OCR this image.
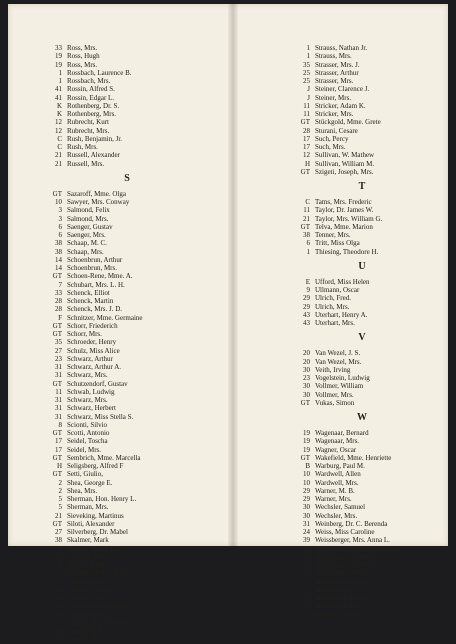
33 Ross, Mrs.
19 Ross, Hugh
19 Ross, Mrs.
1 Rossbach, Laurence B.
1 Rossbach, Mrs.
41 Rossin, Alfred S.
41 Rossin, Edgar L.
K Rothenberg, Dr. S.
K Rothenberg, Mrs.
12 Rubrecht, Kurt
12 Rubrecht, Mrs.
C Rush, Benjamin, Jr.
C Rush, Mrs.
21 Russell, Alexander
21 Russell, Mrs.
S
GT Sazaroff, Mme. Olga
10 Sawyer, Mrs. Conway
3 Salmond, Felix
3 Salmond, Mrs.
6 Saenger, Gustav
6 Saenger, Mrs.
38 Schaap, M. C.
38 Schaap, Mrs.
14 Schoenbrun, Arthur
14 Schoenbrun, Mrs.
GT Schoen-Rene, Mme. A.
7 Schubart, Mrs. L. H.
33 Schenck, Elliot
28 Schenck, Martin
28 Schenck, Mrs. J. D.
F Schnitzer, Mme. Germaine
GT Schorr, Friederich
GT Schorr, Mrs.
35 Schroeder, Henry
27 Schulz, Miss Alice
23 Schwarz, Arthur
31 Schwarz, Arthur A.
31 Schwarz, Mrs.
GT Schutzendorf, Gustav
11 Schwab, Ludwig
31 Schwarz, Mrs.
31 Schwarz, Herbert
31 Schwarz, Miss Stella S.
8 Scionti, Silvio
GT Scotti, Antonio
17 Seidel, Toscha
17 Seidel, Mrs.
GT Sembrich, Mme. Marcella
H Seligsberg, Alfred F
GT Setti, Giulio,
2 Shea, George E.
2 Shea, Mrs.
5 Sherman, Hon. Henry L.
5 Sherman, Mrs.
21 Sieveking, Martinus
GT Siloti, Alexander
27 Silverberg, Dr. Mabel
38 Skalmer, Mark
2 Sleeper, Henry Dike
23 Steichen, Miss
H Speyer, James
2 Stephens, Percy Rector
2 Stephens, Mrs.
22 Sternau, Arthur
22 Sternau, Mrs.
18 Stojowski, Sigismond
18 Stojowski, Mrs.
3 Strauss, Miss Elizabeth
38 Strauss, Jack
38 Strauss, Mrs.
1 Strauss, Nathan Jr.
1 Strauss, Mrs.
35 Strasser, Mrs. J.
25 Strasser, Arthur
25 Strasser, Mrs.
J Steiner, Clarence J.
J Steiner, Mrs.
11 Stricker, Adam K.
11 Stricker, Mrs.
GT Stückgold, Mme. Grete
28 Sturani, Cesare
17 Such, Percy
17 Such, Mrs.
12 Sullivan, W. Mathew
H Sullivan, William M.
GT Szigeti, Joseph, Mrs.
T
C Tams, Mrs. Frederic
11 Taylor, Dr. James W.
21 Taylor, Mrs. William G.
GT Telva, Mme. Marion
38 Tenner, Mrs.
6 Tritt, Miss Olga
1 Thiesing, Theodore H.
U
E Ufford, Miss Helen
9 Ullmann, Oscar
29 Ulrich, Fred.
29 Ulrich, Mrs.
43 Uterhart, Henry A.
43 Uterhart, Mrs.
V
20 Van Wezel, J. S.
20 Van Wezel, Mrs.
30 Veith, Irving
23 Vogelstein, Ludwig
30 Vollmer, William
30 Vollmer, Mrs.
GT Vukas, Simon
W
19 Wagenaar, Bernard
19 Wagenaar, Mrs.
19 Wagner, Oscar
GT Wakefield, Mme. Henriette
B Warburg, Paul M.
10 Wardwell, Allen
10 Wardwell, Mrs.
29 Warner, M. B.
29 Warner, Mrs.
30 Wechsler, Samuel
30 Wechsler, Mrs.
31 Weinberg, Dr. C. Berenda
24 Weiss, Miss Caroline
39 Weissberger, Mrs. Anna L.
39 Weissberger, Miss Augustine
39 Weissberger, Arnold L.
39 Weissberger, Herbert L.
41 Wertheimer, Pierre
A Whitlock, Victor E.
A Whitlock, Mrs.
37 Wickmann, Frank
37 Wickmann, Mrs.
B Willeke, Willem
